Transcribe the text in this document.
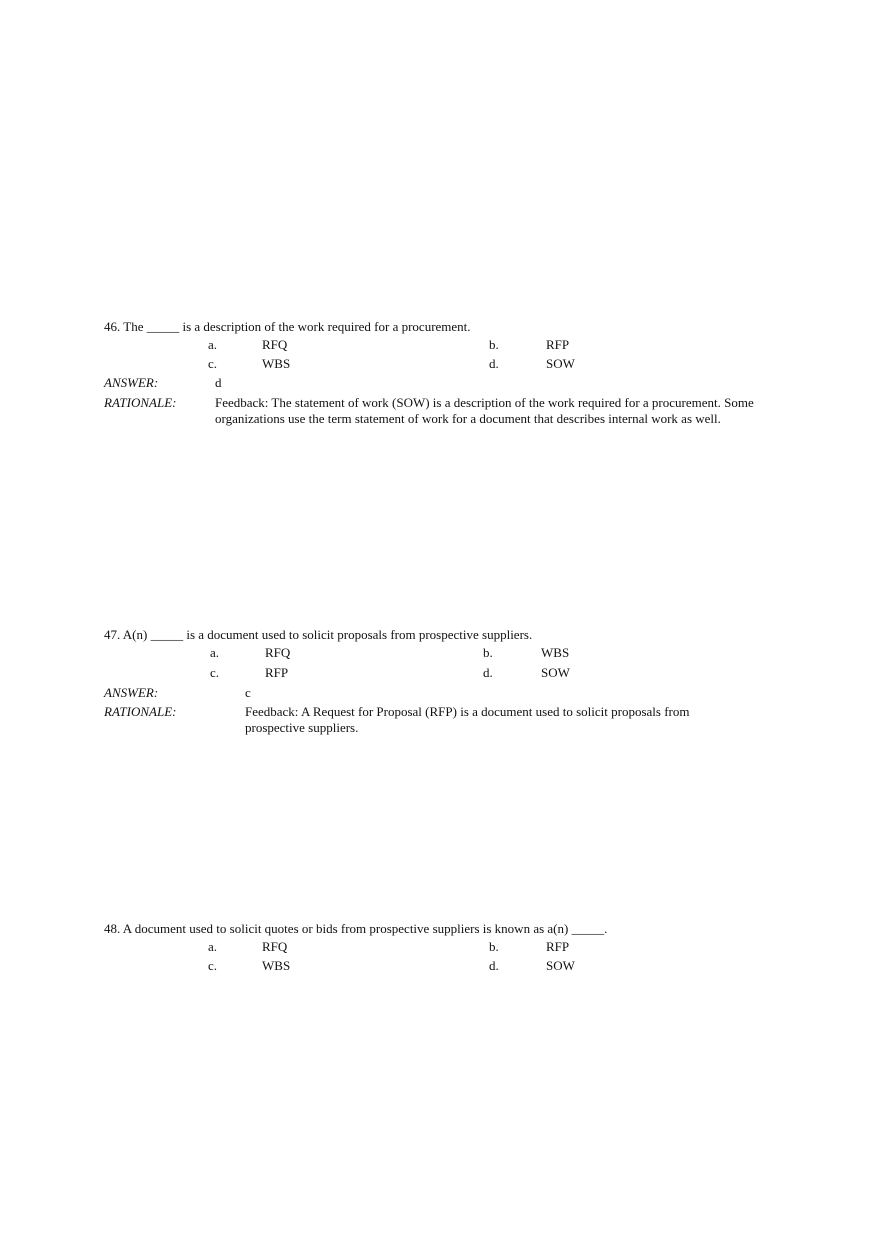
46. The _____ is a description of the work required for a procurement.
a.	RFQ	b.	RFP
c.	WBS	d.	SOW
ANSWER:	d
RATIONALE:	Feedback: The statement of work (SOW) is a description of the work required for a procurement. Some organizations use the term statement of work for a document that describes internal work as well.
47. A(n) _____ is a document used to solicit proposals from prospective suppliers.
a.	RFQ	b.	WBS
c.	RFP	d.	SOW
ANSWER:	c
RATIONALE:	Feedback: A Request for Proposal (RFP) is a document used to solicit proposals from prospective suppliers.
48. A document used to solicit quotes or bids from prospective suppliers is known as a(n) _____.
a.	RFQ	b.	RFP
c.	WBS	d.	SOW
